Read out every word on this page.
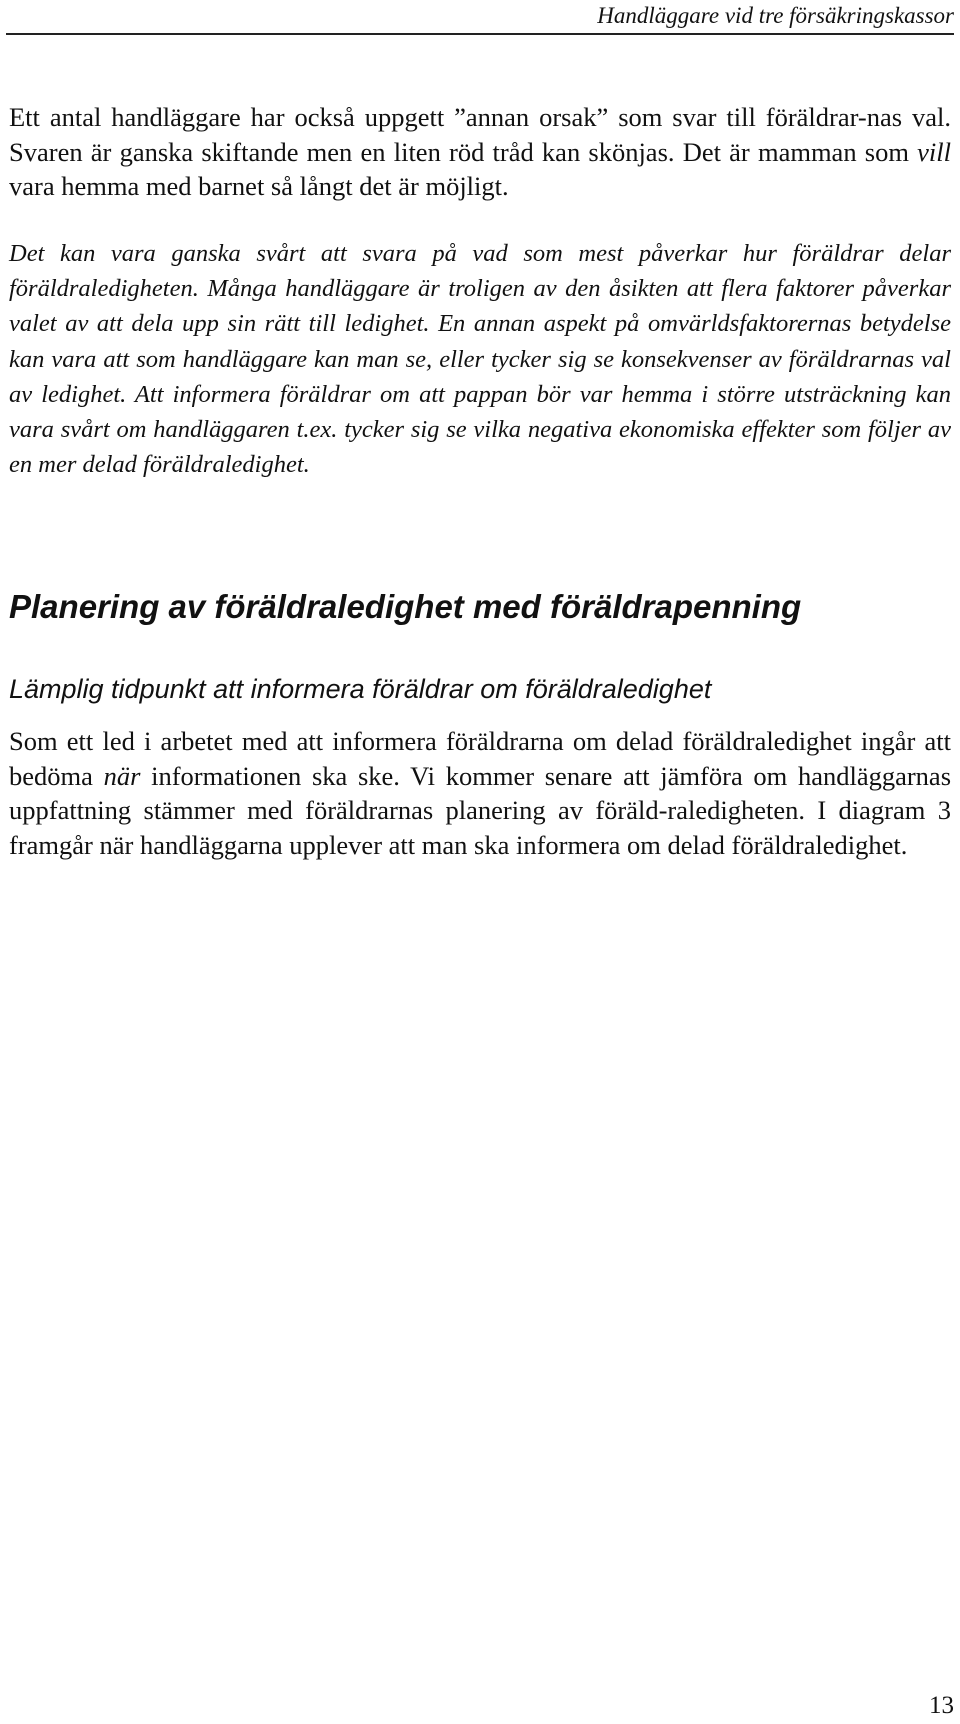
Handläggare vid tre försäkringskassor

Ett antal handläggare har också uppgett ”annan orsak” som svar till föräldrar-nas val. Svaren är ganska skiftande men en liten röd tråd kan skönjas. Det är mamman som vill vara hemma med barnet så långt det är möjligt.

Det kan vara ganska svårt att svara på vad som mest påverkar hur föräldrar delar föräldraledigheten. Många handläggare är troligen av den åsikten att flera faktorer påverkar valet av att dela upp sin rätt till ledighet. En annan aspekt på omvärldsfaktorernas betydelse kan vara att som handläggare kan man se, eller tycker sig se konsekvenser av föräldrarnas val av ledighet. Att informera föräldrar om att pappan bör var hemma i större utsträckning kan vara svårt om handläggaren t.ex. tycker sig se vilka negativa ekonomiska effekter som följer av en mer delad föräldraledighet.

Planering av föräldraledighet med föräldrapenning
Lämplig tidpunkt att informera föräldrar om föräldraledighet

Som ett led i arbetet med att informera föräldrarna om delad föräldraledighet ingår att bedöma när informationen ska ske. Vi kommer senare att jämföra om handläggarnas uppfattning stämmer med föräldrarnas planering av föräld-raledigheten. I diagram 3 framgår när handläggarna upplever att man ska informera om delad föräldraledighet.

13
